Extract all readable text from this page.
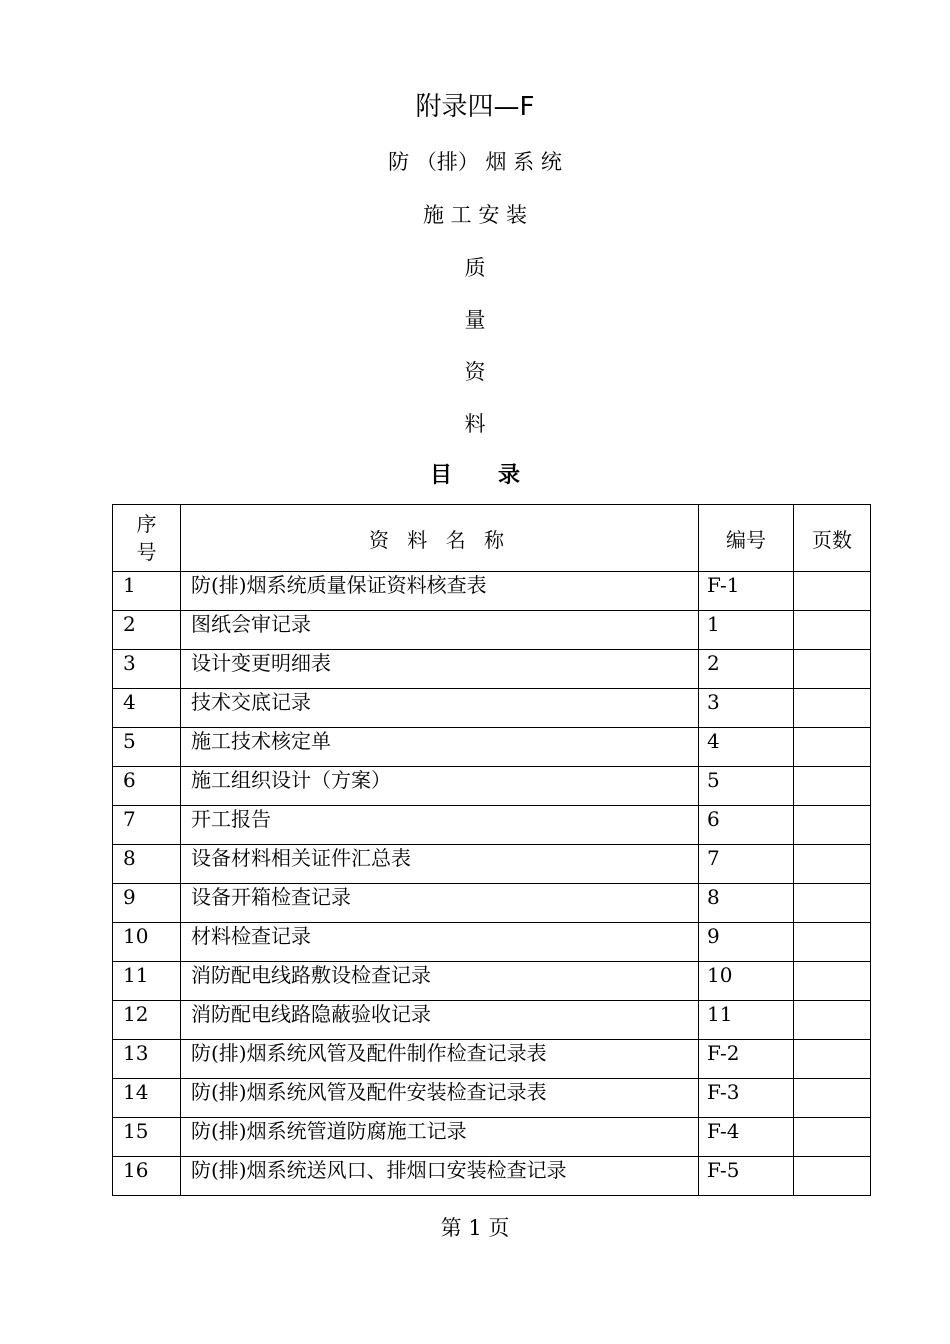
附录四—F
防 （排） 烟 系 统
施 工 安 装
质
量
资
料
目      录
序
号	资 料 名 称	编号	页数
1	防(排)烟系统质量保证资料核查表	F-1	
2	图纸会审记录	1	
3	设计变更明细表	2	
4	技术交底记录	3	
5	施工技术核定单	4	
6	施工组织设计（方案）	5	
7	开工报告	6	
8	设备材料相关证件汇总表	7	
9	设备开箱检查记录	8	
10	材料检查记录	9	
11	消防配电线路敷设检查记录	10	
12	消防配电线路隐蔽验收记录	11	
13	防(排)烟系统风管及配件制作检查记录表	F-2	
14	防(排)烟系统风管及配件安装检查记录表	F-3	
15	防(排)烟系统管道防腐施工记录	F-4	
16	防(排)烟系统送风口、排烟口安装检查记录	F-5	
第 1 页
